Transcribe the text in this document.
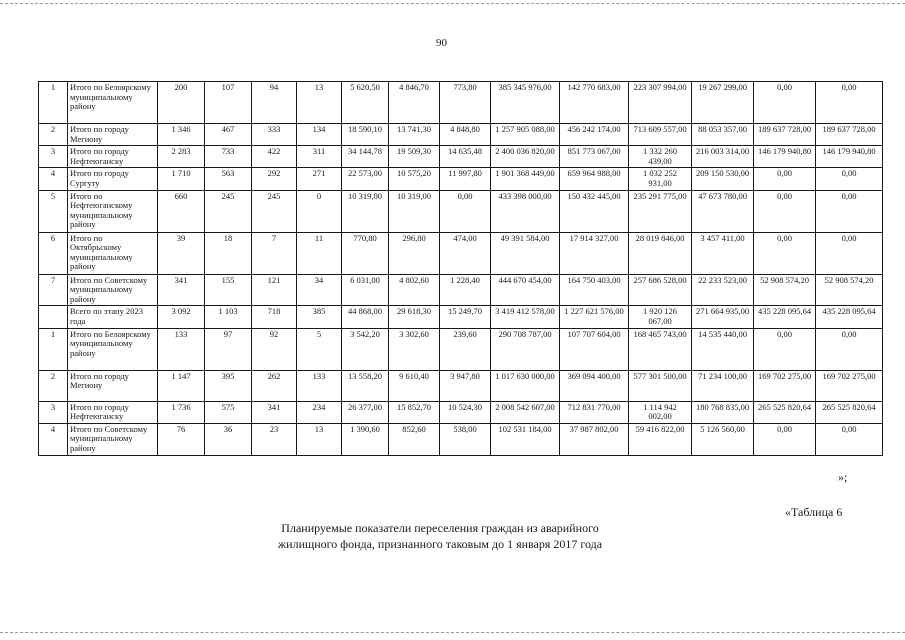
90
1	Итого по Белоярскому муниципальному району	200	107	94	13	5 620,50	4 846,70	773,80	385 345 976,00	142 770 683,00	223 307 994,00	19 267 299,00	0,00	0,00
2	Итого по городу Мегиону	1 346	467	333	134	18 590,10	13 741,30	4 848,80	1 257 905 088,00	456 242 174,00	713 609 557,00	88 053 357,00	189 637 728,00	189 637 728,00
3	Итого по городу Нефтеюганску	2 283	733	422	311	34 144,78	19 509,30	14 635,48	2 400 036 820,00	851 773 067,00	1 332 260 439,00	216 003 314,00	146 179 940,80	146 179 940,80
4	Итого по городу Сургуту	1 710	563	292	271	22 573,00	10 575,20	11 997,80	1 901 368 449,00	659 964 988,00	1 032 252 931,00	209 150 530,00	0,00	0,00
5	Итого по Нефтеюганскому муниципальному району	660	245	245	0	10 319,00	10 319,00	0,00	433 398 000,00	150 432 445,00	235 291 775,00	47 673 780,00	0,00	0,00
6	Итого по Октябрьскому муниципальному району	39	18	7	11	770,80	296,80	474,00	49 391 584,00	17 914 327,00	28 019 846,00	3 457 411,00	0,00	0,00
7	Итого по Советскому муниципальному району	341	155	121	34	6 031,00	4 802,60	1 228,40	444 670 454,00	164 750 403,00	257 686 528,00	22 233 523,00	52 908 574,20	52 908 574,20
	Всего по этапу 2023 года	3 092	1 103	718	385	44 868,00	29 618,30	15 249,70	3 419 412 578,00	1 227 621 576,00	1 920 126 067,00	271 664 935,00	435 228 095,64	435 228 095,64
1	Итого по Белоярскому муниципальному району	133	97	92	5	3 542,20	3 302,60	239,60	290 708 787,00	107 707 604,00	168 465 743,00	14 535 440,00	0,00	0,00
2	Итого по городу Мегиону	1 147	395	262	133	13 558,20	9 610,40	3 947,80	1 017 630 000,00	369 094 400,00	577 301 500,00	71 234 100,00	169 702 275,00	169 702 275,00
3	Итого по городу Нефтеюганску	1 736	575	341	234	26 377,00	15 852,70	10 524,30	2 008 542 607,00	712 831 770,00	1 114 942 002,00	180 768 835,00	265 525 820,64	265 525 820,64
4	Итого по Советскому муниципальному району	76	36	23	13	1 390,60	852,60	538,00	102 531 184,00	37 987 802,00	59 416 822,00	5 126 560,00	0,00	0,00
»;
«Таблица 6
Планируемые показатели переселения граждан из аварийного
жилищного фонда, признанного таковым до 1 января 2017 года
